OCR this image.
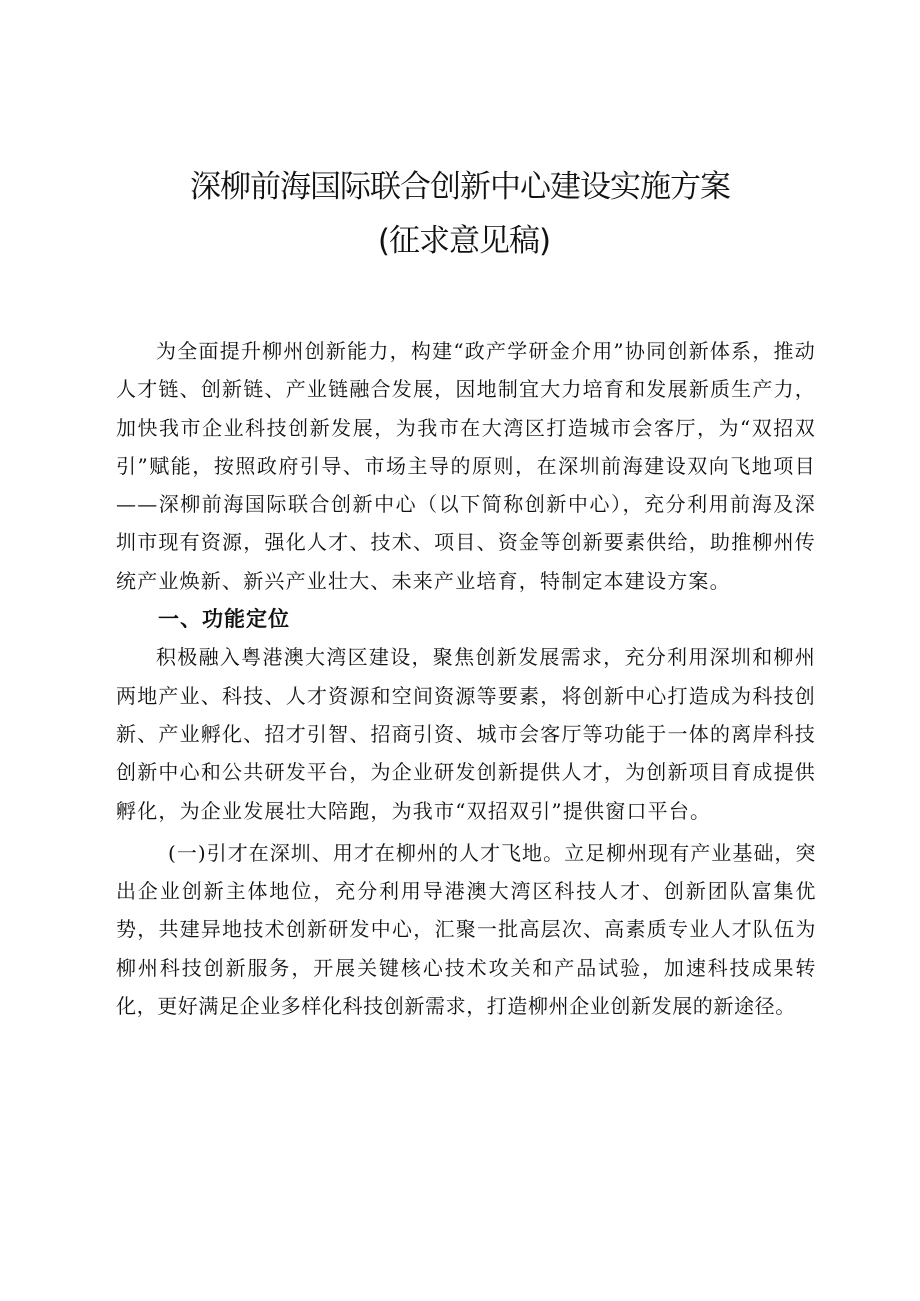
深柳前海国际联合创新中心建设实施方案
(征求意见稿)

为全面提升柳州创新能力，构建“政产学研金介用”协同创新体系，推动人才链、创新链、产业链融合发展，因地制宜大力培育和发展新质生产力，加快我市企业科技创新发展，为我市在大湾区打造城市会客厅，为“双招双引”赋能，按照政府引导、市场主导的原则，在深圳前海建设双向飞地项目——深柳前海国际联合创新中心（以下简称创新中心），充分利用前海及深圳市现有资源，强化人才、技术、项目、资金等创新要素供给，助推柳州传统产业焕新、新兴产业壮大、未来产业培育，特制定本建设方案。

一、功能定位

积极融入粤港澳大湾区建设，聚焦创新发展需求，充分利用深圳和柳州两地产业、科技、人才资源和空间资源等要素，将创新中心打造成为科技创新、产业孵化、招才引智、招商引资、城市会客厅等功能于一体的离岸科技创新中心和公共研发平台，为企业研发创新提供人才，为创新项目育成提供孵化，为企业发展壮大陪跑，为我市“双招双引”提供窗口平台。

(一)引才在深圳、用才在柳州的人才飞地。立足柳州现有产业基础，突出企业创新主体地位，充分利用导港澳大湾区科技人才、创新团队富集优势，共建异地技术创新研发中心，汇聚一批高层次、高素质专业人才队伍为柳州科技创新服务，开展关键核心技术攻关和产品试验，加速科技成果转化，更好满足企业多样化科技创新需求，打造柳州企业创新发展的新途径。
